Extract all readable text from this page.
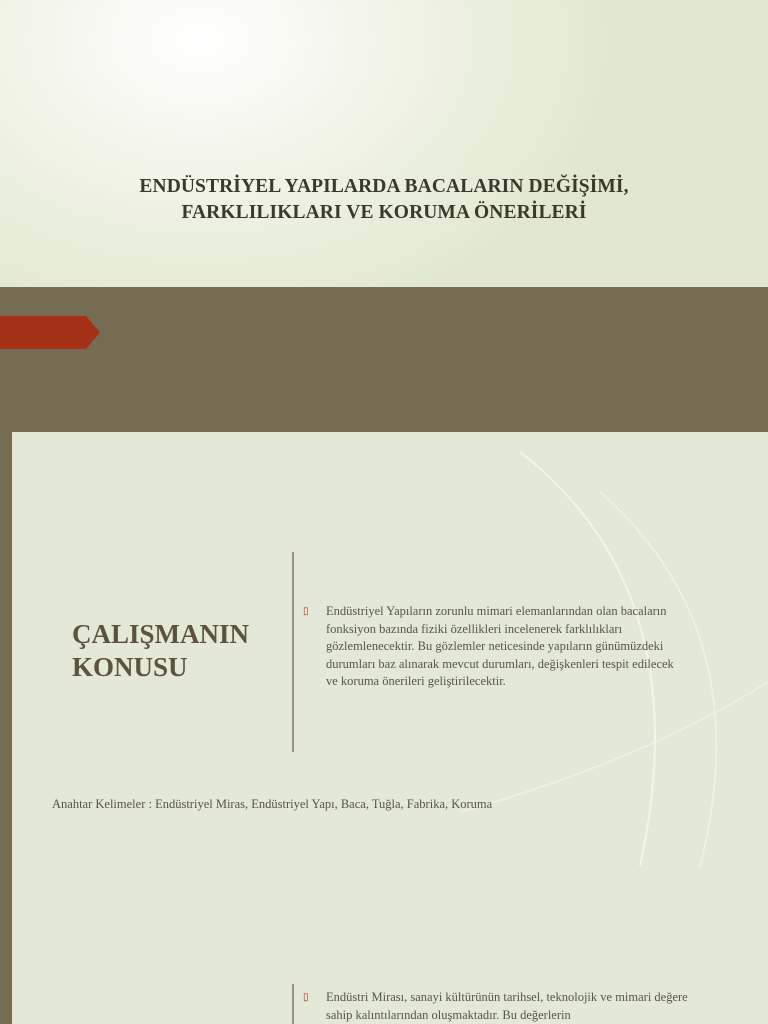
ENDÜSTRİYEL YAPILARDA BACALARIN DEĞİŞİMİ,
FARKLILIKLARI VE KORUMA ÖNERİLERİ
ÇALIŞMANIN
KONUSU
▯	Endüstriyel Yapıların zorunlu mimari elemanlarından olan bacaların fonksiyon bazında fiziki özellikleri incelenerek farklılıkları gözlemlenecektir. Bu gözlemler neticesinde yapıların günümüzdeki durumları baz alınarak mevcut durumları, değişkenleri tespit edilecek ve koruma önerileri geliştirilecektir.
Anahtar Kelimeler : Endüstriyel Miras, Endüstriyel Yapı, Baca, Tuğla, Fabrika, Koruma
▯	Endüstri Mirası, sanayi kültürünün tarihsel, teknolojik ve mimari değere sahip kalıntılarından oluşmaktadır. Bu değerlerin
